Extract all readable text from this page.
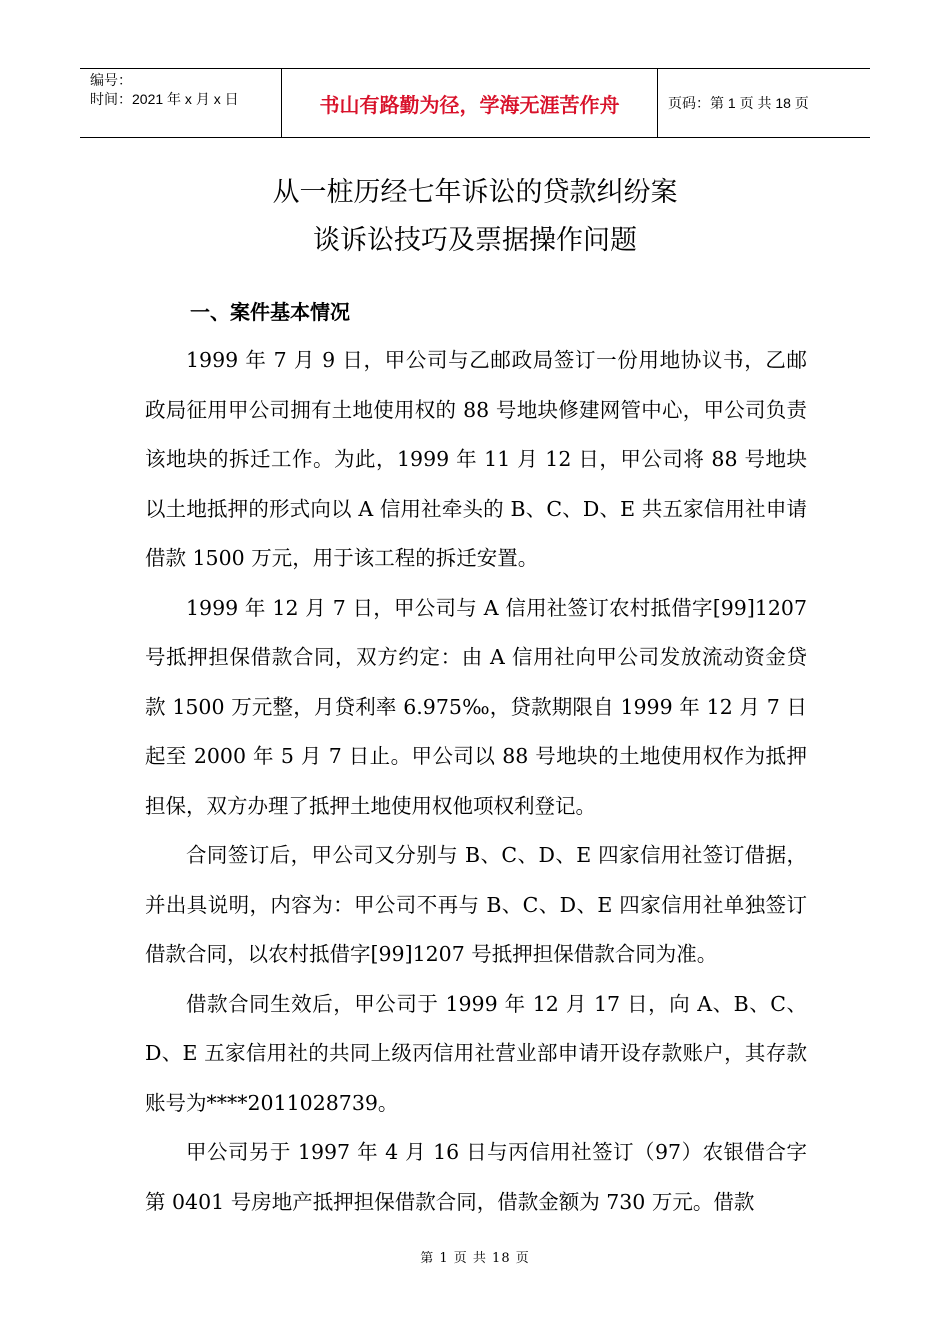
编号：
时间：2021 年 x 月 x 日	书山有路勤为径，学海无涯苦作舟	页码：第 1 页 共 18 页
从一桩历经七年诉讼的贷款纠纷案
谈诉讼技巧及票据操作问题
一、案件基本情况

1999 年 7 月 9 日，甲公司与乙邮政局签订一份用地协议书，乙邮政局征用甲公司拥有土地使用权的 88 号地块修建网管中心，甲公司负责该地块的拆迁工作。为此，1999 年 11 月 12 日，甲公司将 88 号地块以土地抵押的形式向以 A 信用社牵头的 B、C、D、E 共五家信用社申请借款 1500 万元，用于该工程的拆迁安置。

1999 年 12 月 7 日，甲公司与 A 信用社签订农村抵借字[99]1207 号抵押担保借款合同，双方约定：由 A 信用社向甲公司发放流动资金贷款 1500 万元整，月贷利率 6.975‰，贷款期限自 1999 年 12 月 7 日起至 2000 年 5 月 7 日止。甲公司以 88 号地块的土地使用权作为抵押担保，双方办理了抵押土地使用权他项权利登记。

合同签订后，甲公司又分别与 B、C、D、E 四家信用社签订借据，并出具说明，内容为：甲公司不再与 B、C、D、E 四家信用社单独签订借款合同，以农村抵借字[99]1207 号抵押担保借款合同为准。

借款合同生效后，甲公司于 1999 年 12 月 17 日，向 A、B、C、D、E 五家信用社的共同上级丙信用社营业部申请开设存款账户，其存款账号为****2011028739。

甲公司另于 1997 年 4 月 16 日与丙信用社签订（97）农银借合字第 0401 号房地产抵押担保借款合同，借款金额为 730 万元。借款

第 1 页 共 18 页
